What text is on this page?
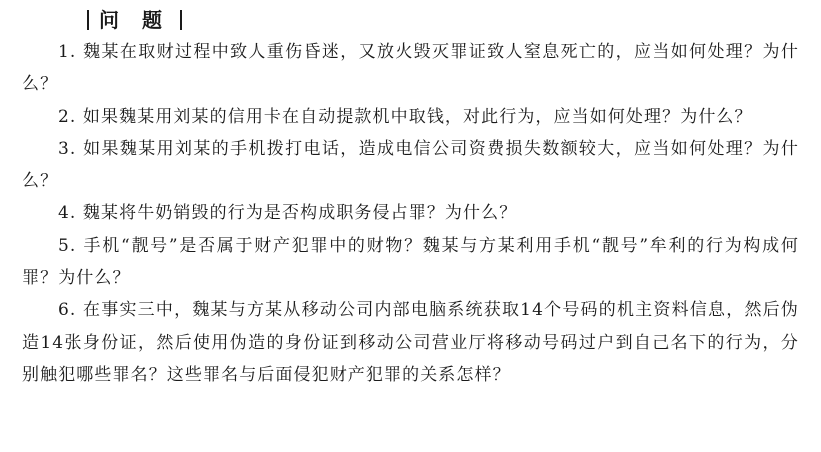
问 题

1. 魏某在取财过程中致人重伤昏迷，又放火毁灭罪证致人窒息死亡的，应当如何处理？为什么？

2. 如果魏某用刘某的信用卡在自动提款机中取钱，对此行为，应当如何处理？为什么？

3. 如果魏某用刘某的手机拨打电话，造成电信公司资费损失数额较大，应当如何处理？为什么？

4. 魏某将牛奶销毁的行为是否构成职务侵占罪？为什么？

5. 手机“靓号”是否属于财产犯罪中的财物？魏某与方某利用手机“靓号”牟利的行为构成何罪？为什么？

6. 在事实三中，魏某与方某从移动公司内部电脑系统获取14个号码的机主资料信息，然后伪造14张身份证，然后使用伪造的身份证到移动公司营业厅将移动号码过户到自己名下的行为，分别触犯哪些罪名？这些罪名与后面侵犯财产犯罪的关系怎样？
